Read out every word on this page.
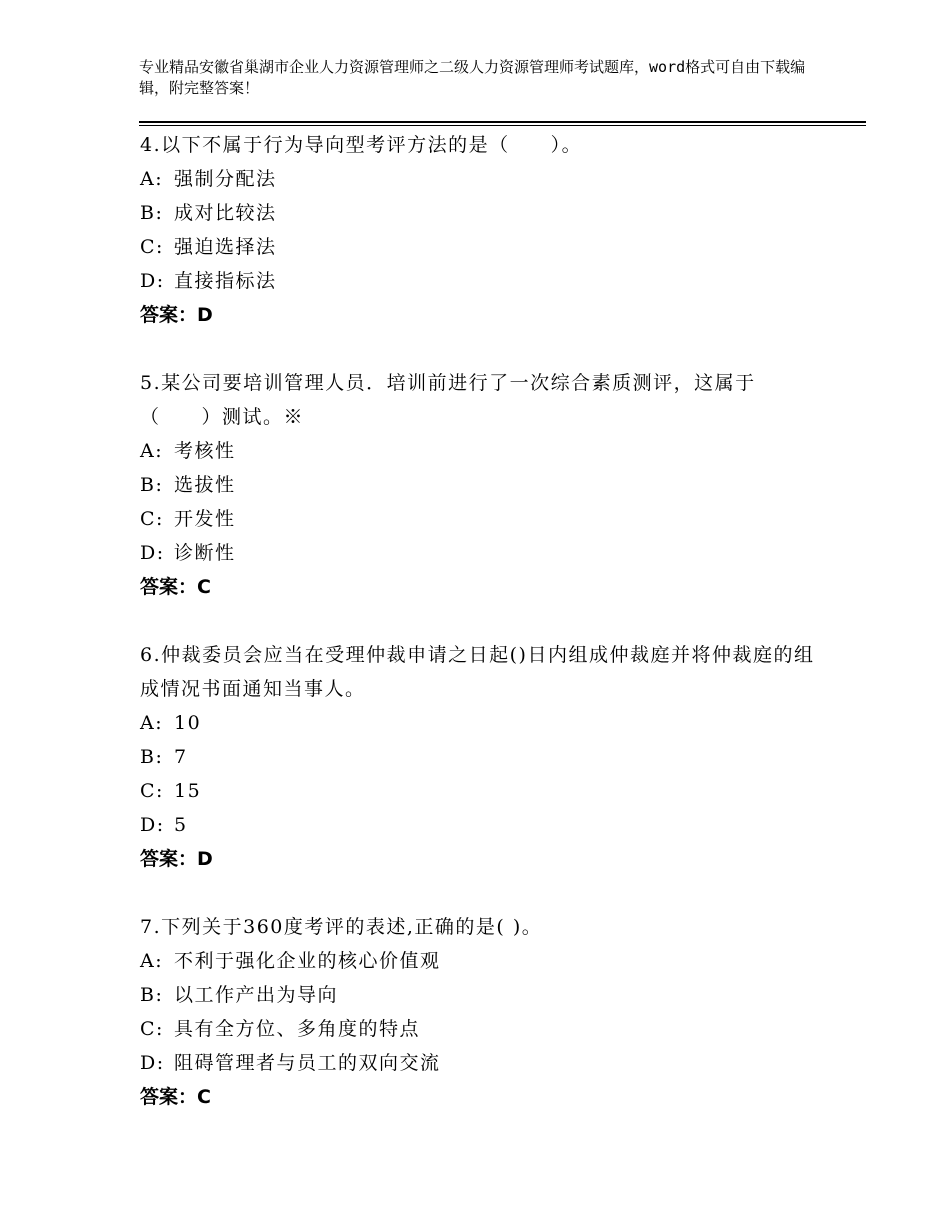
专业精品安徽省巢湖市企业人力资源管理师之二级人力资源管理师考试题库，word格式可自由下载编辑，附完整答案！

4.以下不属于行为导向型考评方法的是（　　）。

A: 强制分配法

B: 成对比较法

C: 强迫选择法

D: 直接指标法

答案：D

5.某公司要培训管理人员．培训前进行了一次综合素质测评，这属于（　　）测试。※

A: 考核性

B: 选拔性

C: 开发性

D: 诊断性

答案：C

6.仲裁委员会应当在受理仲裁申请之日起()日内组成仲裁庭并将仲裁庭的组成情况书面通知当事人。

A: 10

B: 7

C: 15

D: 5

答案：D

7.下列关于360度考评的表述,正确的是( )。

A: 不利于强化企业的核心价值观

B: 以工作产出为导向

C: 具有全方位、多角度的特点

D: 阻碍管理者与员工的双向交流

答案：C
